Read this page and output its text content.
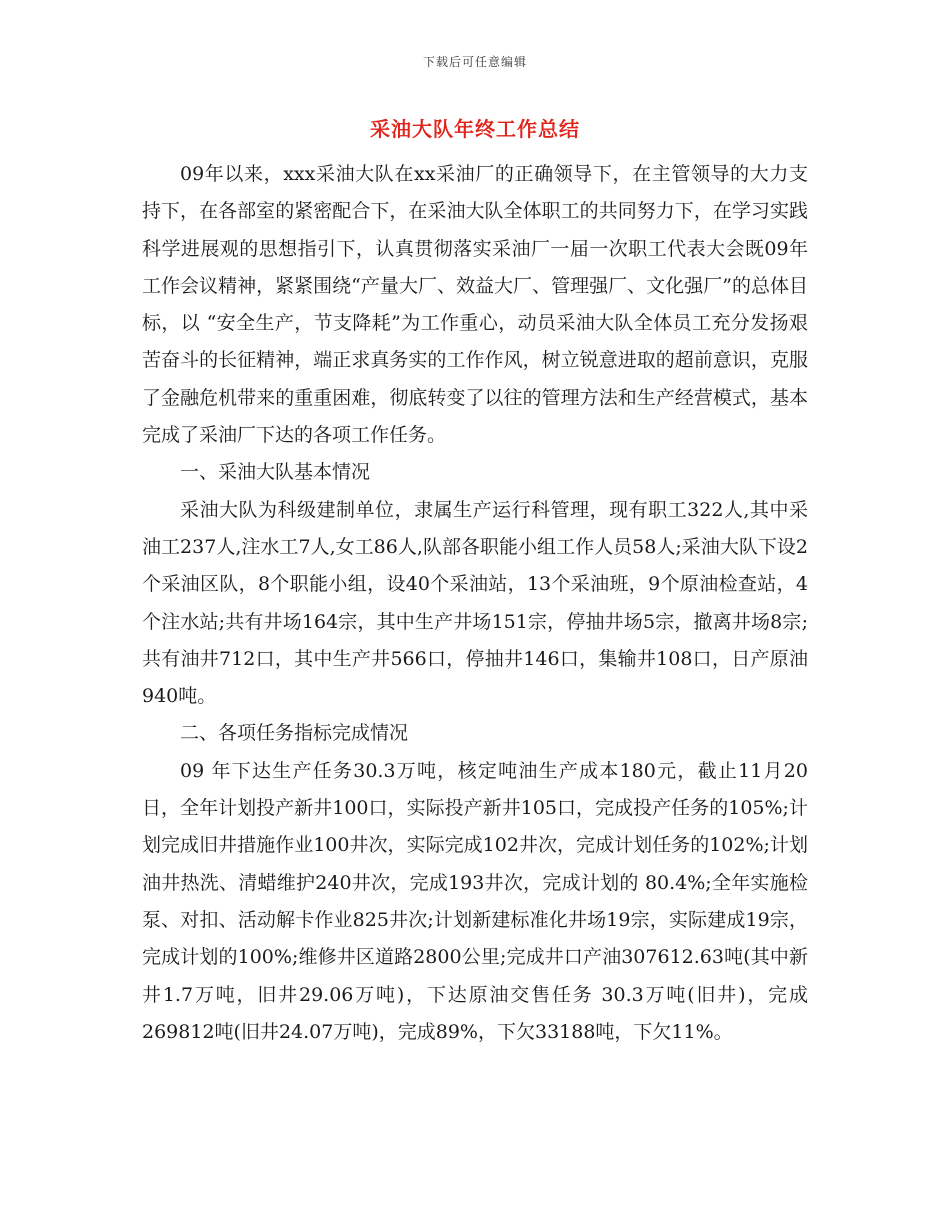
下载后可任意编辑
采油大队年终工作总结

09年以来，xxx采油大队在xx采油厂的正确领导下，在主管领导的大力支持下，在各部室的紧密配合下，在采油大队全体职工的共同努力下，在学习实践科学进展观的思想指引下，认真贯彻落实采油厂一届一次职工代表大会既09年工作会议精神，紧紧围绕“产量大厂、效益大厂、管理强厂、文化强厂”的总体目标，以 “安全生产，节支降耗”为工作重心，动员采油大队全体员工充分发扬艰苦奋斗的长征精神，端正求真务实的工作作风，树立锐意进取的超前意识，克服了金融危机带来的重重困难，彻底转变了以往的管理方法和生产经营模式，基本完成了采油厂下达的各项工作任务。

一、采油大队基本情况

采油大队为科级建制单位，隶属生产运行科管理，现有职工322人,其中采油工237人,注水工7人,女工86人,队部各职能小组工作人员58人;采油大队下设2个采油区队，8个职能小组，设40个采油站，13个采油班，9个原油检查站，4个注水站;共有井场164宗，其中生产井场151宗，停抽井场5宗，撤离井场8宗;共有油井712口，其中生产井566口，停抽井146口，集输井108口，日产原油940吨。

二、各项任务指标完成情况

09 年下达生产任务30.3万吨，核定吨油生产成本180元，截止11月20日，全年计划投产新井100口，实际投产新井105口，完成投产任务的105%;计划完成旧井措施作业100井次，实际完成102井次，完成计划任务的102%;计划油井热洗、清蜡维护240井次，完成193井次，完成计划的 80.4%;全年实施检泵、对扣、活动解卡作业825井次;计划新建标准化井场19宗，实际建成19宗，完成计划的100%;维修井区道路2800公里;完成井口产油307612.63吨(其中新井1.7万吨，旧井29.06万吨)，下达原油交售任务 30.3万吨(旧井)，完成269812吨(旧井24.07万吨)，完成89%，下欠33188吨，下欠11%。
